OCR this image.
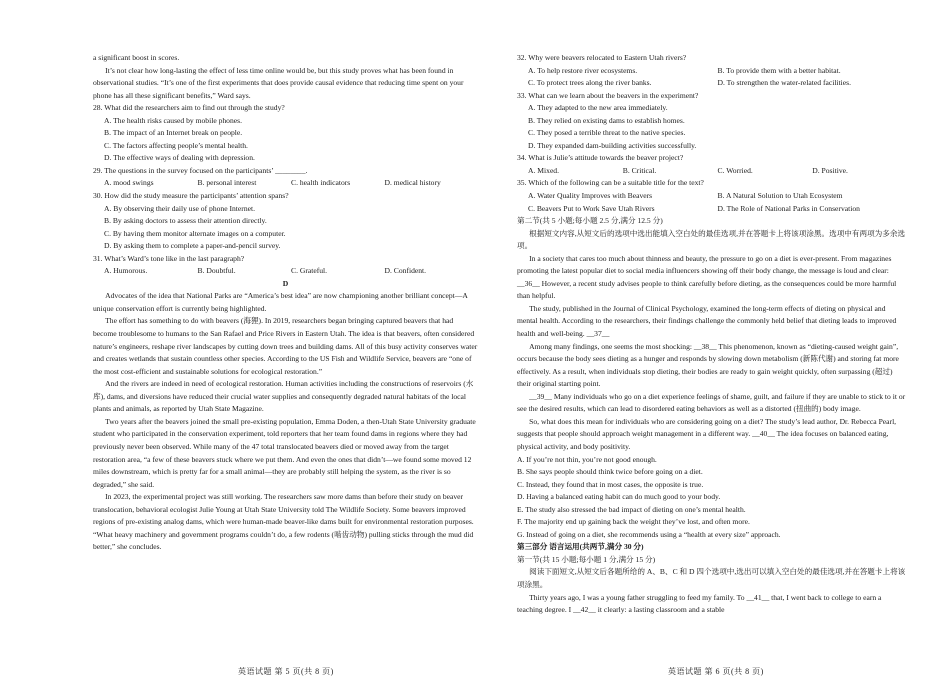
a significant boost in scores.

It’s not clear how long-lasting the effect of less time online would be, but this study proves what has been found in observational studies. “It’s one of the first experiments that does provide causal evidence that reducing time spent on your phone has all these significant benefits,” Ward says.

28. What did the researchers aim to find out through the study?

A. The health risks caused by mobile phones.

B. The impact of an Internet break on people.

C. The factors affecting people’s mental health.

D. The effective ways of dealing with depression.

29. The questions in the survey focused on the participants’ ________.

A. mood swings	B. personal interest	C. health indicators	D. medical history

30. How did the study measure the participants’ attention spans?

A. By observing their daily use of phone Internet.

B. By asking doctors to assess their attention directly.

C. By having them monitor alternate images on a computer.

D. By asking them to complete a paper-and-pencil survey.

31. What’s Ward’s tone like in the last paragraph?

A. Humorous.	B. Doubtful.	C. Grateful.	D. Confident.

D

Advocates of the idea that National Parks are “America’s best idea” are now championing another brilliant concept—A unique conservation effort is currently being highlighted.

The effort has something to do with beavers (海狸). In 2019, researchers began bringing captured beavers that had become troublesome to humans to the San Rafael and Price Rivers in Eastern Utah. The idea is that beavers, often considered nature’s engineers, reshape river landscapes by cutting down trees and building dams. All of this busy activity conserves water and creates wetlands that sustain countless other species. According to the US Fish and Wildlife Service, beavers are “one of the most cost-efficient and sustainable solutions for ecological restoration.”

And the rivers are indeed in need of ecological restoration. Human activities including the constructions of reservoirs (水库), dams, and diversions have reduced their crucial water supplies and consequently degraded natural habitats of the local plants and animals, as reported by Utah State Magazine.

Two years after the beavers joined the small pre-existing population, Emma Doden, a then-Utah State University graduate student who participated in the conservation experiment, told reporters that her team found dams in regions where they had previously never been observed. While many of the 47 total translocated beavers died or moved away from the target restoration area, “a few of these beavers stuck where we put them. And even the ones that didn’t—we found some moved 12 miles downstream, which is pretty far for a small animal—they are probably still helping the system, as the river is so degraded,” she said.

In 2023, the experimental project was still working. The researchers saw more dams than before their study on beaver translocation, behavioral ecologist Julie Young at Utah State University told The Wildlife Society. Some beavers improved regions of pre-existing analog dams, which were human-made beaver-like dams built for environmental restoration purposes. “What heavy machinery and government programs couldn’t do, a few rodents (啮齿动物) pulling sticks through the mud did better,” she concludes.

32. Why were beavers relocated to Eastern Utah rivers?

A. To help restore river ecosystems.	B. To provide them with a better habitat.

C. To protect trees along the river banks.	D. To strengthen the water-related facilities.

33. What can we learn about the beavers in the experiment?

A. They adapted to the new area immediately.

B. They relied on existing dams to establish homes.

C. They posed a terrible threat to the native species.

D. They expanded dam-building activities successfully.

34. What is Julie’s attitude towards the beaver project?

A. Mixed.	B. Critical.	C. Worried.	D. Positive.

35. Which of the following can be a suitable title for the text?

A. Water Quality Improves with Beavers	B. A Natural Solution to Utah Ecosystem

C. Beavers Put to Work Save Utah Rivers	D. The Role of National Parks in Conservation

第二节(共 5 小题;每小题 2.5 分,满分 12.5 分)

根据短文内容,从短文后的选项中选出能填入空白处的最佳选项,并在答题卡上将该项涂黑。选项中有两项为多余选项。

In a society that cares too much about thinness and beauty, the pressure to go on a diet is ever-present. From magazines promoting the latest popular diet to social media influencers showing off their body change, the message is loud and clear: __36__ However, a recent study advises people to think carefully before dieting, as the consequences could be more harmful than helpful.

The study, published in the Journal of Clinical Psychology, examined the long-term effects of dieting on physical and mental health. According to the researchers, their findings challenge the commonly held belief that dieting leads to improved health and well-being. __37__

Among many findings, one seems the most shocking: __38__ This phenomenon, known as “dieting-caused weight gain”, occurs because the body sees dieting as a hunger and responds by slowing down metabolism (新陈代谢) and storing fat more effectively. As a result, when individuals stop dieting, their bodies are ready to gain weight quickly, often surpassing (超过) their original starting point.

__39__ Many individuals who go on a diet experience feelings of shame, guilt, and failure if they are unable to stick to it or see the desired results, which can lead to disordered eating behaviors as well as a distorted (扭曲的) body image.

So, what does this mean for individuals who are considering going on a diet? The study’s lead author, Dr. Rebecca Pearl, suggests that people should approach weight management in a different way. __40__ The idea focuses on balanced eating, physical activity, and body positivity.

A. If you’re not thin, you’re not good enough.

B. She says people should think twice before going on a diet.

C. Instead, they found that in most cases, the opposite is true.

D. Having a balanced eating habit can do much good to your body.

E. The study also stressed the bad impact of dieting on one’s mental health.

F. The majority end up gaining back the weight they’ve lost, and often more.

G. Instead of going on a diet, she recommends using a “health at every size” approach.

第三部分 语言运用(共两节,满分 30 分)

第一节(共 15 小题;每小题 1 分,满分 15 分)

阅读下面短文,从短文后各题所给的 A、B、C 和 D 四个选项中,选出可以填入空白处的最佳选项,并在答题卡上将该项涂黑。

Thirty years ago, I was a young father struggling to feed my family. To __41__ that, I went back to college to earn a teaching degree. I __42__ it clearly: a lasting classroom and a stable

英语试题 第 5 页(共 8 页)	英语试题 第 6 页(共 8 页)
